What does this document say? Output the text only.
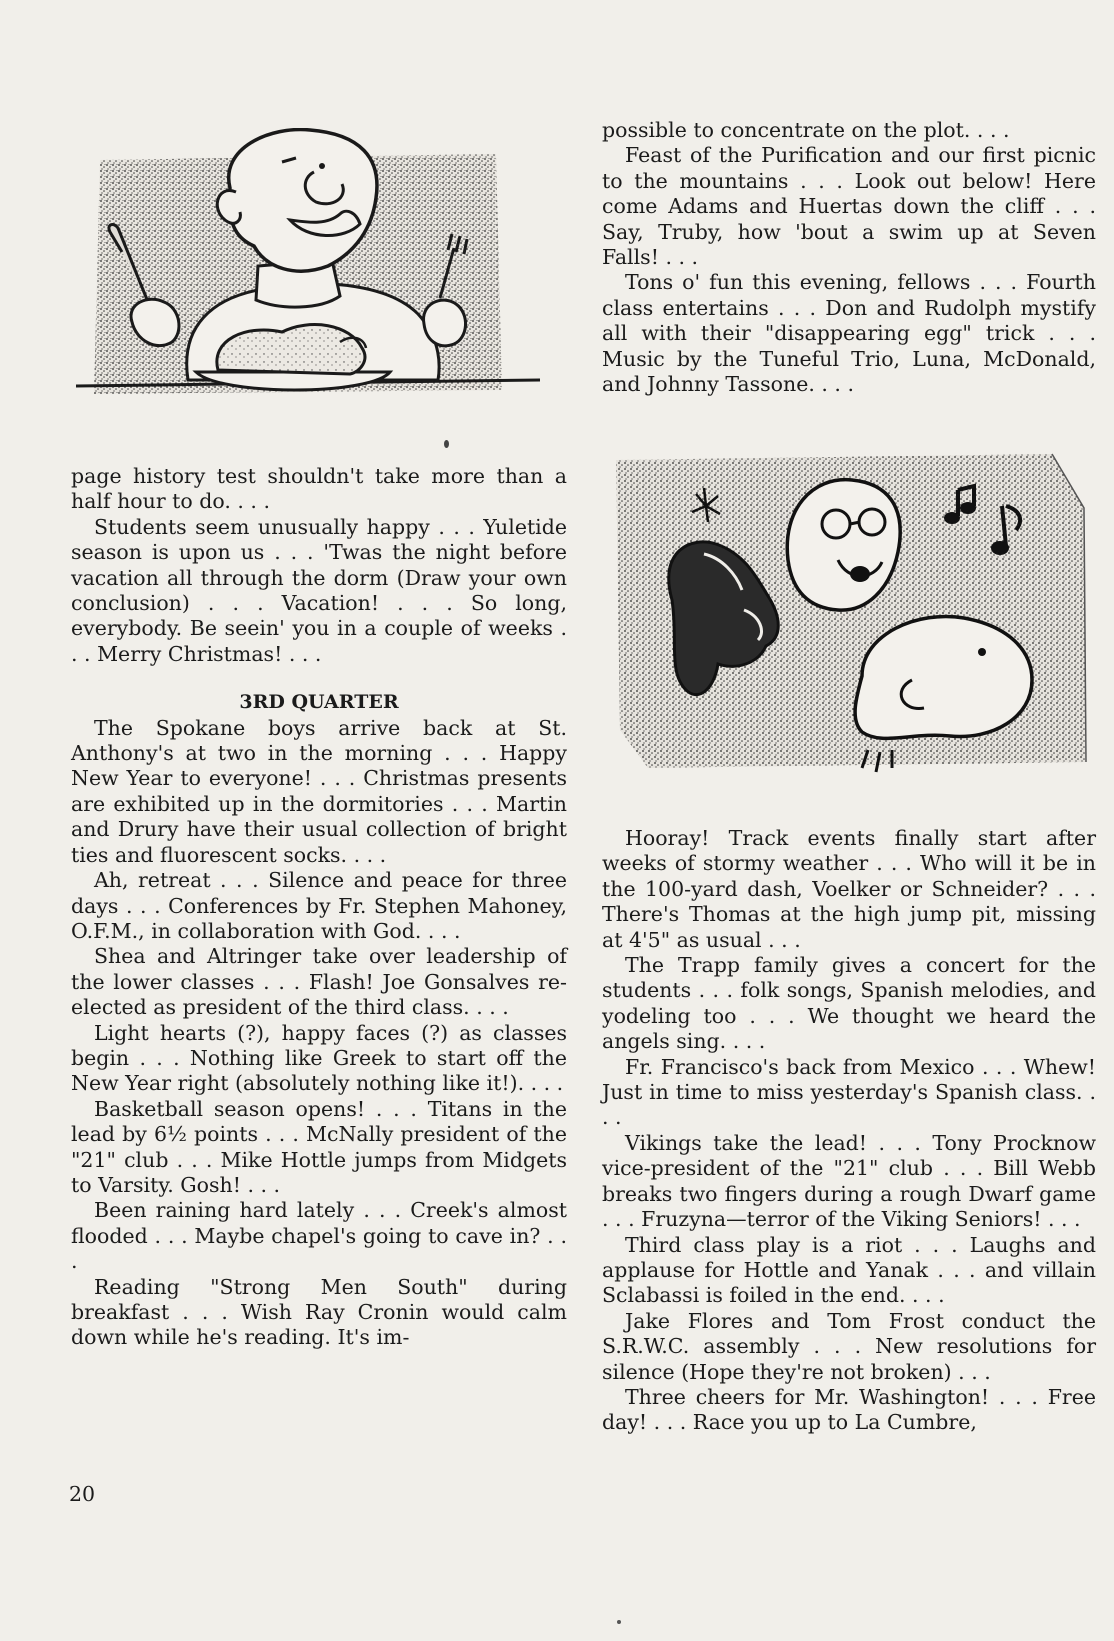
page history test shouldn't take more than a half hour to do. . . .

Students seem unusually happy . . . Yuletide season is upon us . . . 'Twas the night before vacation all through the dorm (Draw your own conclusion) . . . Vacation! . . . So long, everybody. Be seein' you in a couple of weeks . . . Merry Christmas! . . .

3RD QUARTER

The Spokane boys arrive back at St. Anthony's at two in the morning . . . Happy New Year to everyone! . . . Christmas presents are exhibited up in the dormitories . . . Martin and Drury have their usual collection of bright ties and fluorescent socks. . . .

Ah, retreat . . . Silence and peace for three days . . . Conferences by Fr. Stephen Mahoney, O.F.M., in collaboration with God. . . .

Shea and Altringer take over leadership of the lower classes . . . Flash! Joe Gonsalves re-elected as president of the third class. . . .

Light hearts (?), happy faces (?) as classes begin . . . Nothing like Greek to start off the New Year right (absolutely nothing like it!). . . .

Basketball season opens! . . . Titans in the lead by 6½ points . . . McNally president of the "21" club . . . Mike Hottle jumps from Midgets to Varsity. Gosh! . . .

Been raining hard lately . . . Creek's almost flooded . . . Maybe chapel's going to cave in? . . .

Reading "Strong Men South" during breakfast . . . Wish Ray Cronin would calm down while he's reading. It's im-

20

possible to concentrate on the plot. . . .

Feast of the Purification and our first picnic to the mountains . . . Look out below! Here come Adams and Huertas down the cliff . . . Say, Truby, how 'bout a swim up at Seven Falls! . . .

Tons o' fun this evening, fellows . . . Fourth class entertains . . . Don and Rudolph mystify all with their "disappearing egg" trick . . . Music by the Tuneful Trio, Luna, McDonald, and Johnny Tassone. . . .

Hooray! Track events finally start after weeks of stormy weather . . . Who will it be in the 100-yard dash, Voelker or Schneider? . . . There's Thomas at the high jump pit, missing at 4'5" as usual . . .

The Trapp family gives a concert for the students . . . folk songs, Spanish melodies, and yodeling too . . . We thought we heard the angels sing. . . .

Fr. Francisco's back from Mexico . . . Whew! Just in time to miss yesterday's Spanish class. . . .

Vikings take the lead! . . . Tony Procknow vice-president of the "21" club . . . Bill Webb breaks two fingers during a rough Dwarf game . . . Fruzyna—terror of the Viking Seniors! . . .

Third class play is a riot . . . Laughs and applause for Hottle and Yanak . . . and villain Sclabassi is foiled in the end. . . .

Jake Flores and Tom Frost conduct the S.R.W.C. assembly . . . New resolutions for silence (Hope they're not broken) . . .

Three cheers for Mr. Washington! . . . Free day! . . . Race you up to La Cumbre,
